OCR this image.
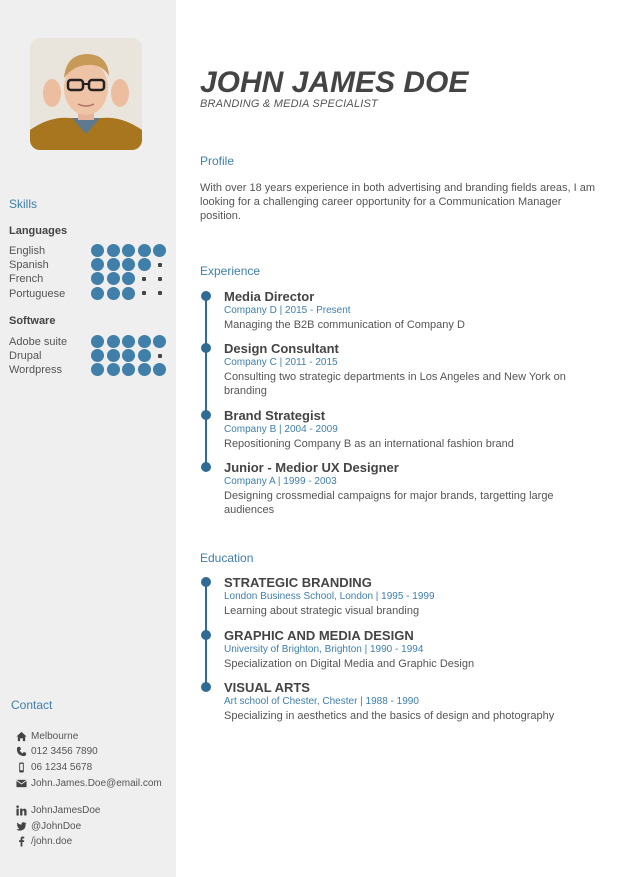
Skills
Languages
English
Spanish
French
Portuguese
Software
Adobe suite
Drupal
Wordpress
Contact
Melbourne
012 3456 7890
06 1234 5678
John.James.Doe@email.com
JohnJamesDoe
@JohnDoe
/john.doe
JOHN JAMES DOE
BRANDING & MEDIA SPECIALIST
Profile
With over 18 years experience in both advertising and branding fields areas, I am looking for a challenging career opportunity for a Communication Manager position.
Experience
Media Director
Company D | 2015 - Present
Managing the B2B communication of Company D
Design Consultant
Company C | 2011 - 2015
Consulting two strategic departments in Los Angeles and New York on branding
Brand Strategist
Company B | 2004 - 2009
Repositioning Company B as an international fashion brand
Junior - Medior UX Designer
Company A | 1999 - 2003
Designing crossmedial campaigns for major brands, targetting large audiences
Education
STRATEGIC BRANDING
London Business School, London | 1995 - 1999
Learning about strategic visual branding
GRAPHIC AND MEDIA DESIGN
University of Brighton, Brighton | 1990 - 1994
Specialization on Digital Media and Graphic Design
VISUAL ARTS
Art school of Chester, Chester | 1988 - 1990
Specializing in aesthetics and the basics of design and photography
